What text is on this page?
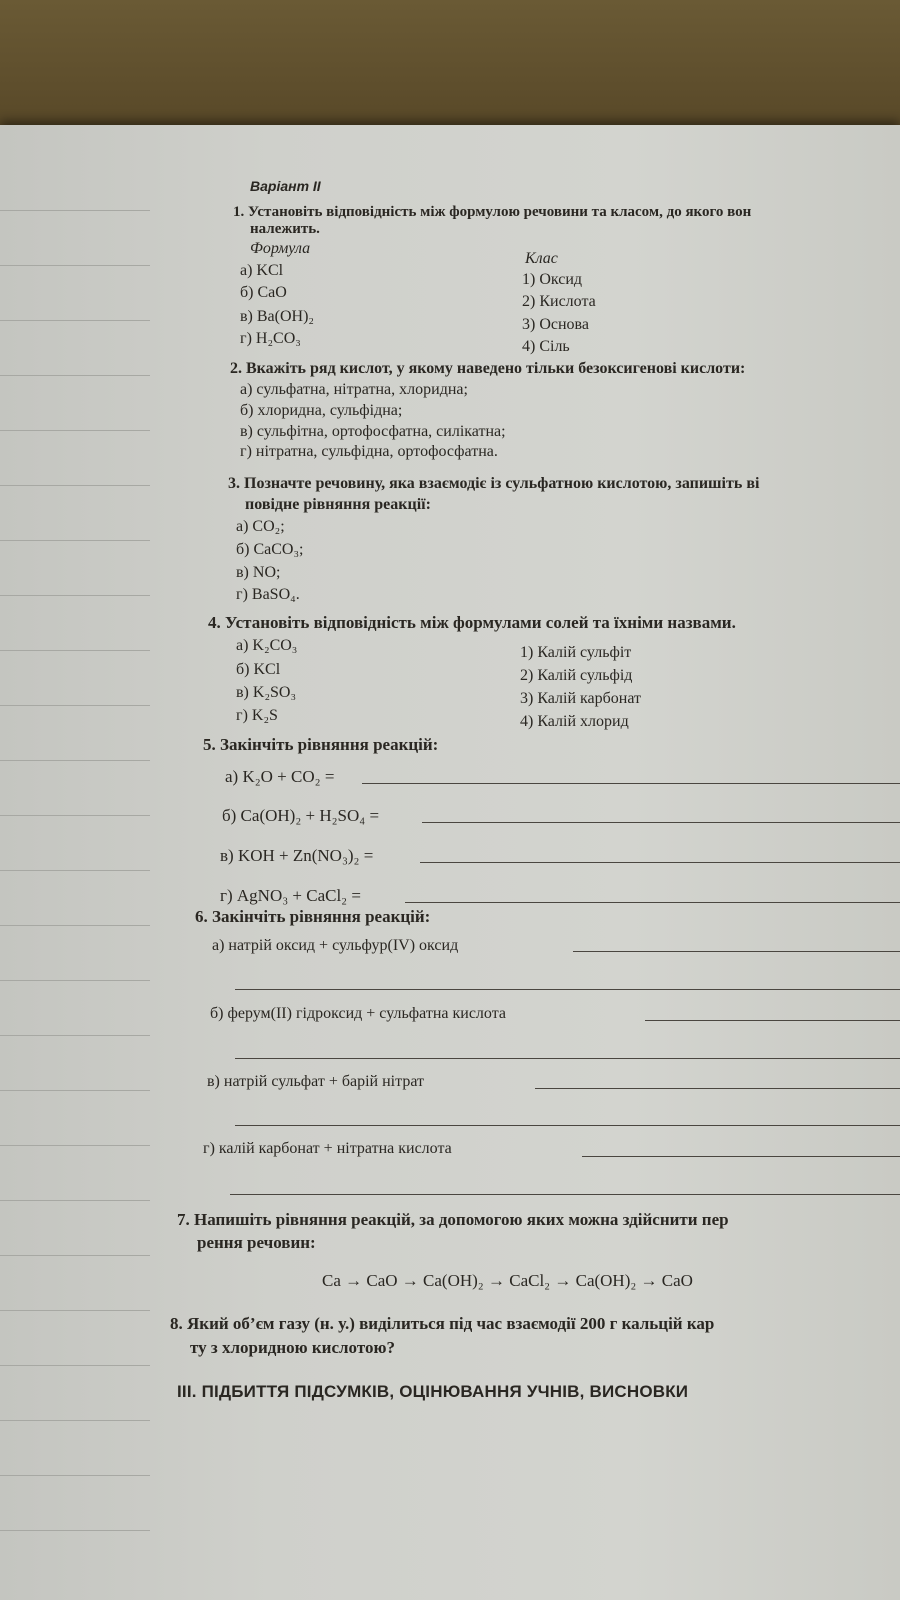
Варіант ІІ
1. Установіть відповідність між формулою речовини та класом, до якого вон
належить.
Формула
Клас
а) KCl
б) CaO
в) Ba(OH)₂
г) H₂CO₃
1) Оксид
2) Кислота
3) Основа
4) Сіль
2. Вкажіть ряд кислот, у якому наведено тільки безоксигенові кислоти:
а) сульфатна, нітратна, хлоридна;
б) хлоридна, сульфідна;
в) сульфітна, ортофосфатна, силікатна;
г) нітратна, сульфідна, ортофосфатна.
3. Позначте речовину, яка взаємодіє із сульфатною кислотою, запишіть ві
повідне рівняння реакції:
а) CO₂;
б) CaCO₃;
в) NO;
г) BaSO₄.
4. Установіть відповідність між формулами солей та їхніми назвами.
а) K₂CO₃
б) KCl
в) K₂SO₃
г) K₂S
1) Калій сульфіт
2) Калій сульфід
3) Калій карбонат
4) Калій хлорид
5. Закінчіть рівняння реакцій:
а) K₂O + CO₂ =
б) Ca(OH)₂ + H₂SO₄ =
в) KOH + Zn(NO₃)₂ =
г) AgNO₃ + CaCl₂ =
6. Закінчіть рівняння реакцій:
а) натрій оксид + сульфур(IV) оксид
б) ферум(ІІ) гідроксид + сульфатна кислота
в) натрій сульфат + барій нітрат
г) калій карбонат + нітратна кислота
7. Напишіть рівняння реакцій, за допомогою яких можна здійснити пер
рення речовин:
Ca → CaO → Ca(OH)₂ → CaCl₂ → Ca(OH)₂ → CaO
8. Який об’єм газу (н. у.) виділиться під час взаємодії 200 г кальцій кар
ту з хлоридною кислотою?
ІІІ. ПІДБИТТЯ ПІДСУМКІВ, ОЦІНЮВАННЯ УЧНІВ, ВИСНОВКИ
